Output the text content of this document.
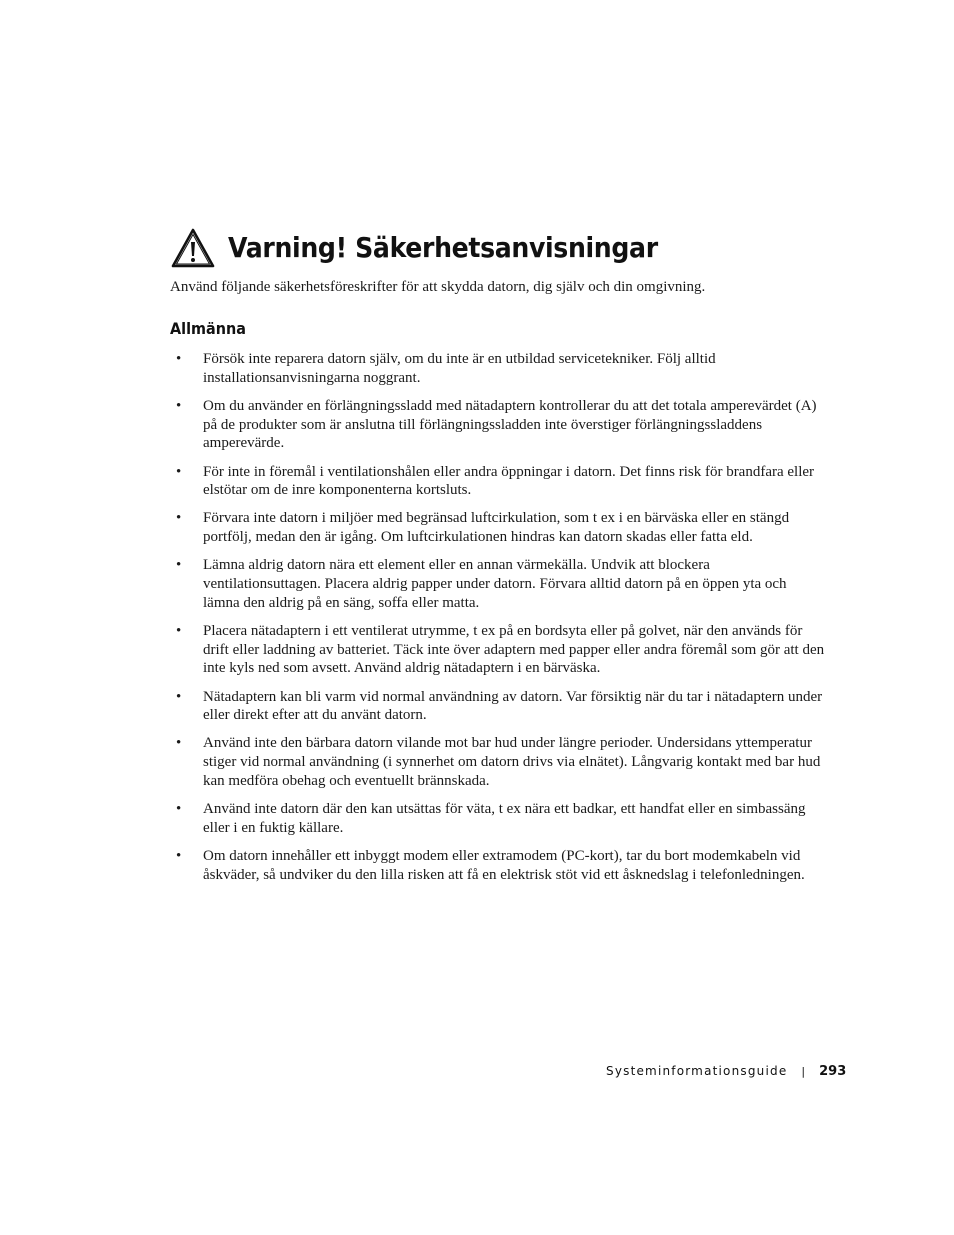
Varning! Säkerhetsanvisningar

Använd följande säkerhetsföreskrifter för att skydda datorn, dig själv och din omgivning.

Allmänna
•	Försök inte reparera datorn själv, om du inte är en utbildad servicetekniker. Följ alltid installationsanvisningarna noggrant.
•	Om du använder en förlängningssladd med nätadaptern kontrollerar du att det totala amperevärdet (A) på de produkter som är anslutna till förlängningssladden inte överstiger förlängningssladdens amperevärde.
•	För inte in föremål i ventilationshålen eller andra öppningar i datorn. Det finns risk för brandfara eller elstötar om de inre komponenterna kortsluts.
•	Förvara inte datorn i miljöer med begränsad luftcirkulation, som t ex i en bärväska eller en stängd portfölj, medan den är igång. Om luftcirkulationen hindras kan datorn skadas eller fatta eld.
•	Lämna aldrig datorn nära ett element eller en annan värmekälla. Undvik att blockera ventilationsuttagen. Placera aldrig papper under datorn. Förvara alltid datorn på en öppen yta och lämna den aldrig på en säng, soffa eller matta.
•	Placera nätadaptern i ett ventilerat utrymme, t ex på en bordsyta eller på golvet, när den används för drift eller laddning av batteriet. Täck inte över adaptern med papper eller andra föremål som gör att den inte kyls ned som avsett. Använd aldrig nätadaptern i en bärväska.
•	Nätadaptern kan bli varm vid normal användning av datorn. Var försiktig när du tar i nätadaptern under eller direkt efter att du använt datorn.
•	Använd inte den bärbara datorn vilande mot bar hud under längre perioder. Undersidans yttemperatur stiger vid normal användning (i synnerhet om datorn drivs via elnätet). Långvarig kontakt med bar hud kan medföra obehag och eventuellt brännskada.
•	Använd inte datorn där den kan utsättas för väta, t ex nära ett badkar, ett handfat eller en simbassäng eller i en fuktig källare.
•	Om datorn innehåller ett inbyggt modem eller extramodem (PC-kort), tar du bort modemkabeln vid åskväder, så undviker du den lilla risken att få en elektrisk stöt vid ett åsknedslag i telefonledningen.
Systeminformationsguide | 293
